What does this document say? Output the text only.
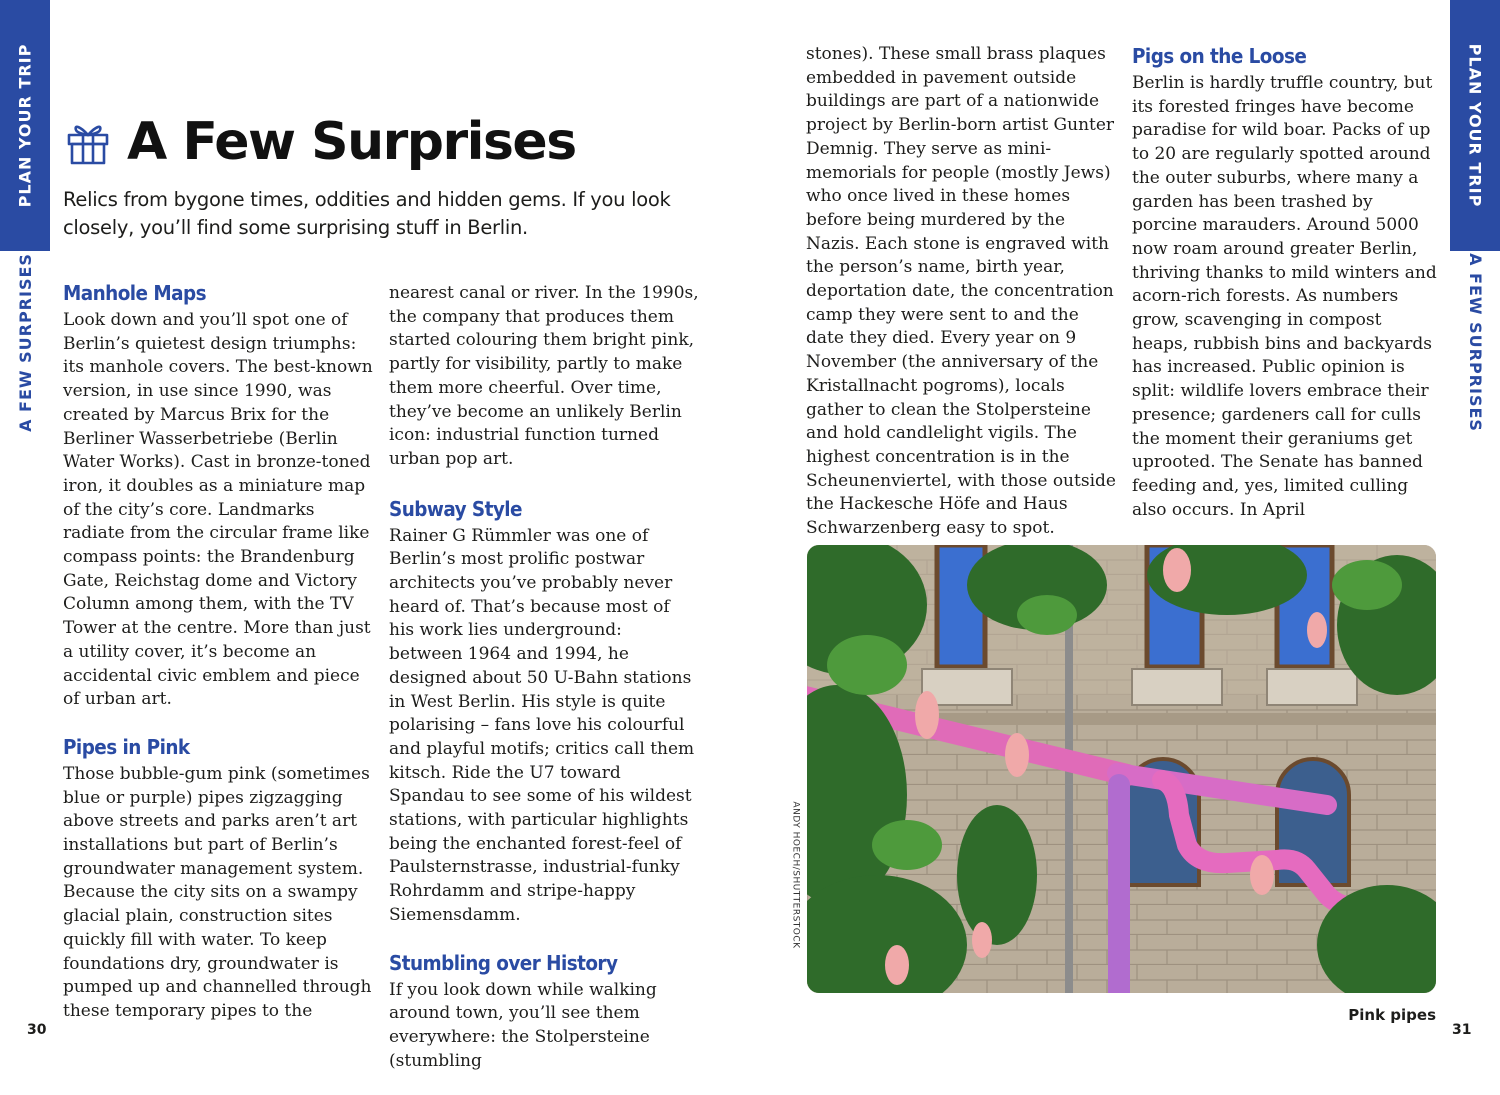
PLAN YOUR TRIP
A FEW SURPRISES
PLAN YOUR TRIP
A FEW SURPRISES
A Few Surprises
Relics from bygone times, oddities and hidden gems. If you look closely, you’ll find some surprising stuff in Berlin.
Manhole Maps

Look down and you’ll spot one of Berlin’s quietest design triumphs: its manhole covers. The best-known version, in use since 1990, was created by Marcus Brix for the Berliner Wasserbetriebe (Berlin Water Works). Cast in bronze-toned iron, it doubles as a miniature map of the city’s core. Landmarks radiate from the circular frame like compass points: the Brandenburg Gate, Reichstag dome and Victory Column among them, with the TV Tower at the centre. More than just a utility cover, it’s become an accidental civic emblem and piece of urban art.

Pipes in Pink

Those bubble-gum pink (sometimes blue or purple) pipes zigzagging above streets and parks aren’t art installations but part of Berlin’s groundwater management system. Because the city sits on a swampy glacial plain, construction sites quickly fill with water. To keep foundations dry, groundwater is pumped up and channelled through these temporary pipes to the

nearest canal or river. In the 1990s, the company that produces them started colouring them bright pink, partly for visibility, partly to make them more cheerful. Over time, they’ve become an unlikely Berlin icon: industrial function turned urban pop art.

Subway Style

Rainer G Rümmler was one of Berlin’s most prolific postwar architects you’ve probably never heard of. That’s because most of his work lies underground: between 1964 and 1994, he designed about 50 U-Bahn stations in West Berlin. His style is quite polarising – fans love his colourful and playful motifs; critics call them kitsch. Ride the U7 toward Spandau to see some of his wildest stations, with particular highlights being the enchanted forest-feel of Paulsternstrasse, industrial-funky Rohrdamm and stripe-happy Siemensdamm.

Stumbling over History

If you look down while walking around town, you’ll see them everywhere: the Stolpersteine (stumbling

stones). These small brass plaques embedded in pavement outside buildings are part of a nationwide project by Berlin-born artist Gunter Demnig. They serve as mini-memorials for people (mostly Jews) who once lived in these homes before being murdered by the Nazis. Each stone is engraved with the person’s name, birth year, deportation date, the concentration camp they were sent to and the date they died. Every year on 9 November (the anniversary of the Kristallnacht pogroms), locals gather to clean the Stolpersteine and hold candlelight vigils. The highest concentration is in the Scheunenviertel, with those outside the Hackesche Höfe and Haus Schwarzenberg easy to spot.

Pigs on the Loose

Berlin is hardly truffle country, but its forested fringes have become paradise for wild boar. Packs of up to 20 are regularly spotted around the outer suburbs, where many a garden has been trashed by porcine marauders. Around 5000 now roam around greater Berlin, thriving thanks to mild winters and acorn-rich forests. As numbers grow, scavenging in compost heaps, rubbish bins and backyards has increased. Public opinion is split: wildlife lovers embrace their presence; gardeners call for culls the moment their geraniums get uprooted. The Senate has banned feeding and, yes, limited culling also occurs. In April

ANDY HOECH/SHUTTERSTOCK
Pink pipes
30	31
